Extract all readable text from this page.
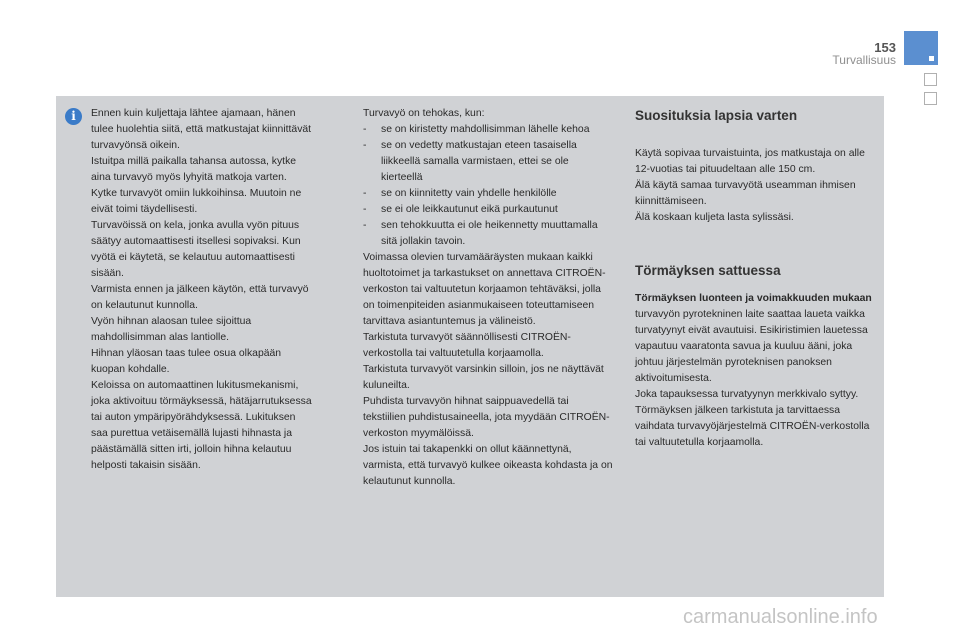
153
Turvallisuus
i	Ennen kuin kuljettaja lähtee ajamaan, hänen tulee huolehtia siitä, että matkustajat kiinnittävät turvavyönsä oikein.

Istuitpa millä paikalla tahansa autossa, kytke aina turvavyö myös lyhyitä matkoja varten.

Kytke turvavyöt omiin lukkoihinsa. Muutoin ne eivät toimi täydellisesti.

Turvavöissä on kela, jonka avulla vyön pituus säätyy automaattisesti itsellesi sopivaksi. Kun vyötä ei käytetä, se kelautuu automaattisesti sisään.

Varmista ennen ja jälkeen käytön, että turvavyö on kelautunut kunnolla.

Vyön hihnan alaosan tulee sijoittua mahdollisimman alas lantiolle.

Hihnan yläosan taas tulee osua olkapään kuopan kohdalle.

Keloissa on automaattinen lukitusmekanismi, joka aktivoituu törmäyksessä, hätäjarrutuksessa tai auton ympäripyörähdyksessä. Lukituksen saa purettua vetäisemällä lujasti hihnasta ja päästämällä sitten irti, jolloin hihna kelautuu helposti takaisin sisään.

Turvavyö on tehokas, kun:

-	se on kiristetty mahdollisimman lähelle kehoa
-	se on vedetty matkustajan eteen tasaisella liikkeellä samalla varmistaen, ettei se ole kierteellä
-	se on kiinnitetty vain yhdelle henkilölle
-	se ei ole leikkautunut eikä purkautunut
-	sen tehokkuutta ei ole heikennetty muuttamalla sitä jollakin tavoin.

Voimassa olevien turvamääräysten mukaan kaikki huoltotoimet ja tarkastukset on annettava CITROËN-verkoston tai valtuutetun korjaamon tehtäväksi, jolla on toimenpiteiden asianmukaiseen toteuttamiseen tarvittava asiantuntemus ja välineistö.

Tarkistuta turvavyöt säännöllisesti CITROËN-verkostolla tai valtuutetulla korjaamolla.

Tarkistuta turvavyöt varsinkin silloin, jos ne näyttävät kuluneilta.

Puhdista turvavyön hihnat saippuavedellä tai tekstiilien puhdistusaineella, jota myydään CITROËN-verkoston myymälöissä.

Jos istuin tai takapenkki on ollut käännettynä, varmista, että turvavyö kulkee oikeasta kohdasta ja on kelautunut kunnolla.

Suosituksia lapsia varten

Käytä sopivaa turvaistuinta, jos matkustaja on alle 12-vuotias tai pituudeltaan alle 150 cm.

Älä käytä samaa turvavyötä useamman ihmisen kiinnittämiseen.

Älä koskaan kuljeta lasta sylissäsi.

Törmäyksen sattuessa

Törmäyksen luonteen ja voimakkuuden mukaan turvavyön pyrotekninen laite saattaa laueta vaikka turvatyynyt eivät avautuisi. Esikiristimien lauetessa vapautuu vaaratonta savua ja kuuluu ääni, joka johtuu järjestelmän pyroteknisen panoksen aktivoitumisesta.

Joka tapauksessa turvatyynyn merkkivalo syttyy.

Törmäyksen jälkeen tarkistuta ja tarvittaessa vaihdata turvavyöjärjestelmä CITROËN-verkostolla tai valtuutetulla korjaamolla.

carmanualsonline.info
